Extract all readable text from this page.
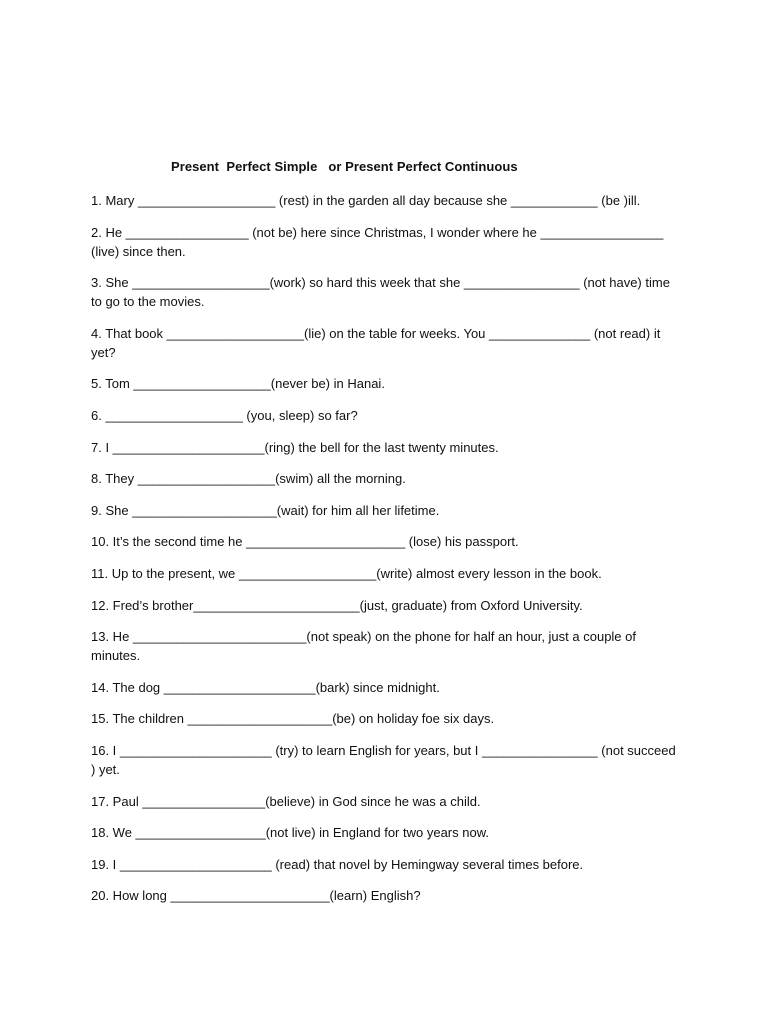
Present  Perfect Simple   or Present Perfect Continuous
1. Mary ___________________ (rest) in the garden all day because she ____________ (be )ill.
2. He _________________ (not be) here since Christmas, I wonder where he _________________ (live) since then.
3. She ___________________(work) so hard this week that she ________________ (not have) time to go to the movies.
4. That book ___________________(lie) on the table for weeks. You ______________ (not read) it yet?
5. Tom ___________________(never be) in Hanai.
6. ___________________ (you, sleep) so far?
7. I _____________________(ring) the bell for the last twenty minutes.
8. They ___________________(swim) all the morning.
9. She ____________________(wait) for him all her lifetime.
10. It’s the second time he ______________________ (lose) his passport.
11. Up to the present, we ___________________(write) almost every lesson in the book.
12. Fred’s brother_______________________(just, graduate) from Oxford University.
13. He ________________________(not speak) on the phone for half an hour, just a couple of minutes.
14. The dog _____________________(bark) since midnight.
15. The children ____________________(be) on holiday foe six days.
16. I _____________________ (try) to learn English for years, but I ________________ (not succeed ) yet.
17. Paul _________________(believe) in God since he was a child.
18. We __________________(not live) in England for two years now.
19. I _____________________ (read) that novel by Hemingway several times before.
20. How long ______________________(learn) English?
